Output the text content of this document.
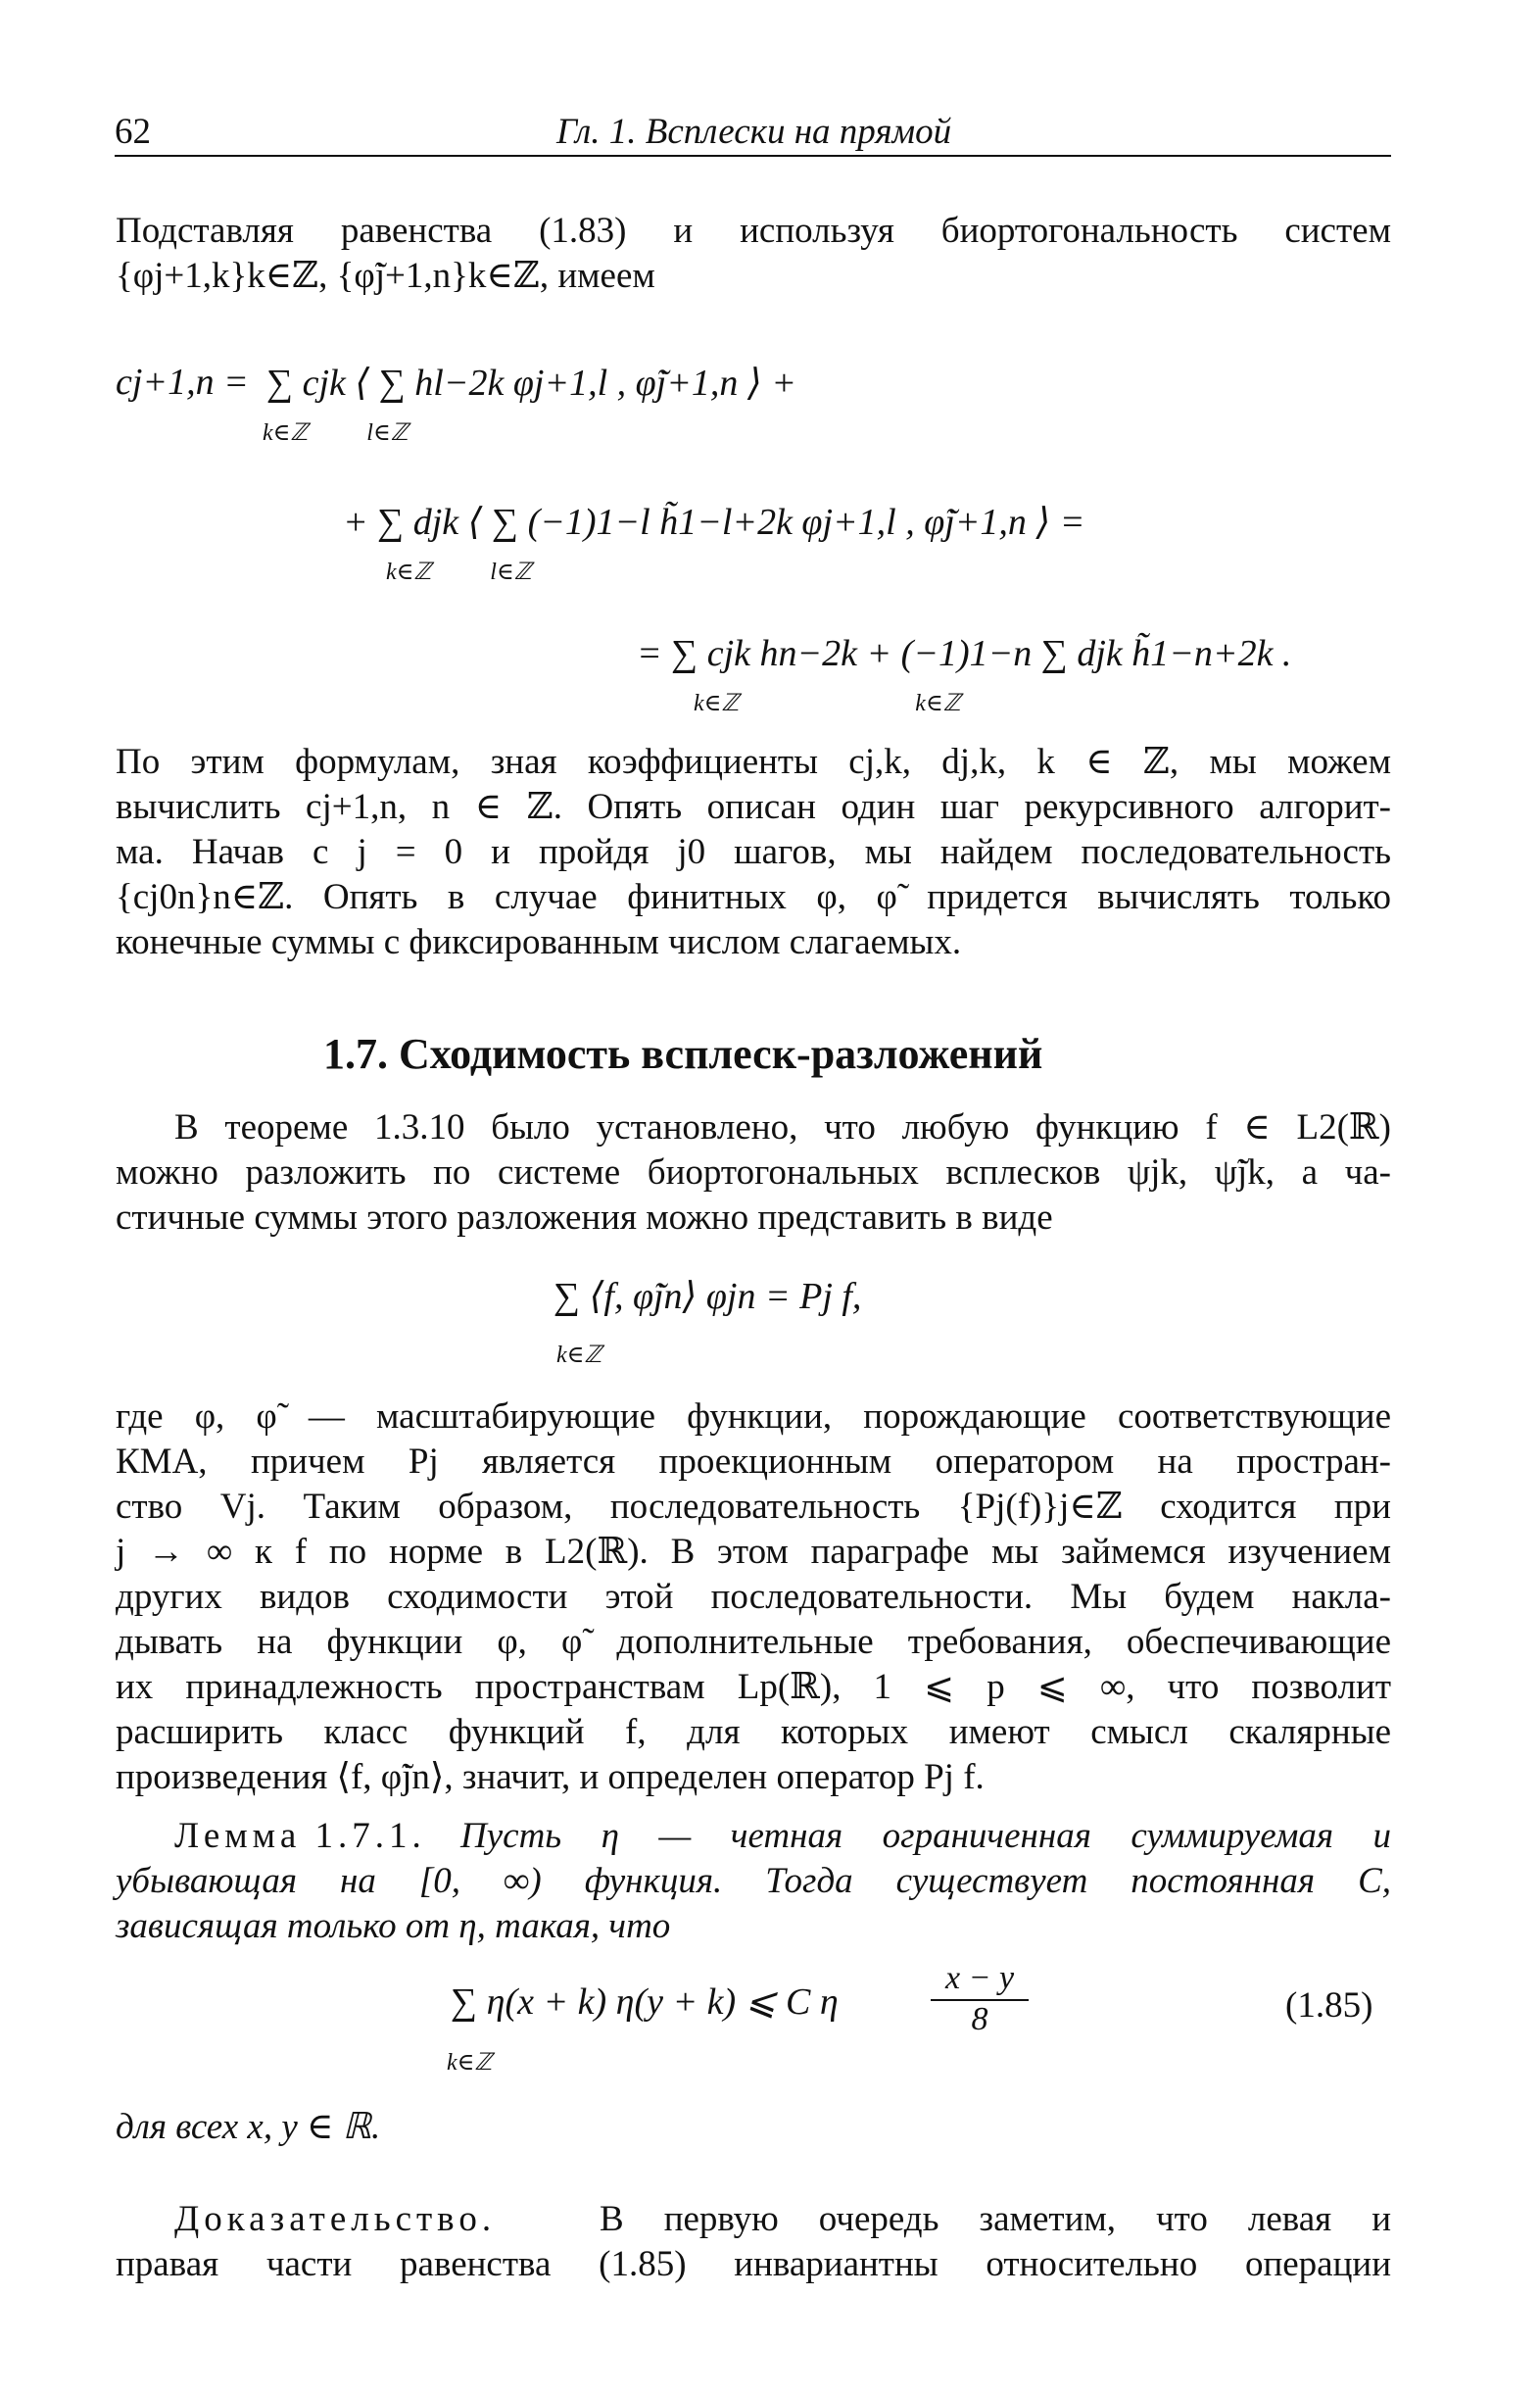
62	Гл. 1. Всплески на прямой
Подставляя равенства (1.83) и используя биортогональность систем
{φj+1,k}k∈ℤ, {φ̃j+1,n}k∈ℤ, имеем
cj+1,n = ∑ cjk ⟨ ∑ hl−2k φj+1,l , φ̃j+1,n ⟩ +
k∈ℤ          l∈ℤ
+ ∑ djk ⟨ ∑ (−1)1−l h̃1−l+2k φj+1,l , φ̃j+1,n ⟩ =
k∈ℤ          l∈ℤ
= ∑ cjk hn−2k + (−1)1−n ∑ djk h̃1−n+2k .
k∈ℤ                              k∈ℤ
По этим формулам, зная коэффициенты cj,k, dj,k, k ∈ ℤ, мы можем
вычислить cj+1,n, n ∈ ℤ. Опять описан один шаг рекурсивного алгорит-
ма. Начав с j = 0 и пройдя j0 шагов, мы найдем последовательность
{cj0n}n∈ℤ. Опять в случае финитных φ, φ̃ придется вычислять только
конечные суммы с фиксированным числом слагаемых.
1.7. Сходимость всплеск-разложений
В теореме 1.3.10 было установлено, что любую функцию f ∈ L2(ℝ)
можно разложить по системе биортогональных всплесков ψjk, ψ̃jk, а ча-
стичные суммы этого разложения можно представить в виде
∑ ⟨f, φ̃jn⟩ φjn = Pj f,
k∈ℤ
где φ, φ̃ — масштабирующие функции, порождающие соответствующие
КМА, причем Pj является проекционным оператором на простран-
ство Vj. Таким образом, последовательность {Pj(f)}j∈ℤ сходится при
j → ∞ к f по норме в L2(ℝ). В этом параграфе мы займемся изучением
других видов сходимости этой последовательности. Мы будем накла-
дывать на функции φ, φ̃ дополнительные требования, обеспечивающие
их принадлежность пространствам Lp(ℝ), 1 ⩽ p ⩽ ∞, что позволит
расширить класс функций f, для которых имеют смысл скалярные
произведения ⟨f, φ̃jn⟩, значит, и определен оператор Pj f.
Лемма 1.7.1. Пусть η — четная ограниченная суммируемая и
убывающая на [0, ∞) функция. Тогда существует постоянная C,
зависящая только от η, такая, что
∑ η(x + k) η(y + k) ⩽ C η	$\frac{x - y}{8}$
k∈ℤ
(1.85)
для всех x, y ∈ ℝ.
Доказательство.	В первую очередь заметим, что левая и
правая части равенства (1.85) инвариантны относительно операции
